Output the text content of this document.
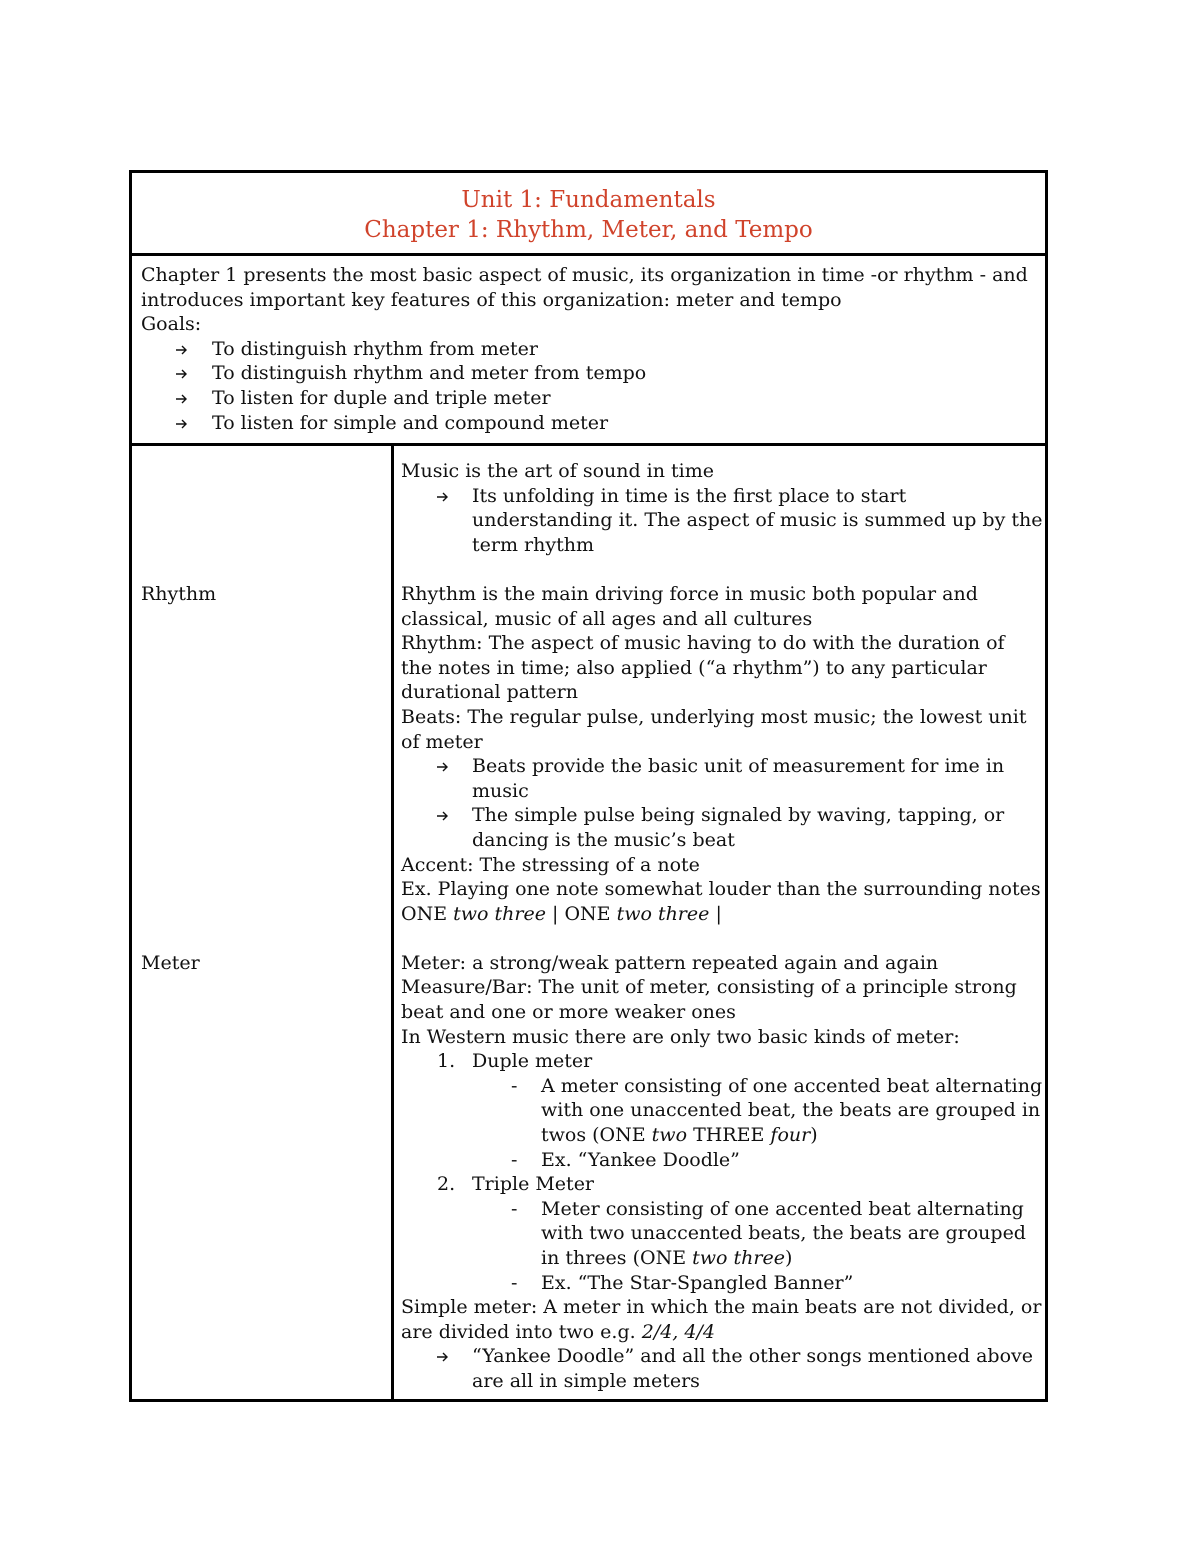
Unit 1: Fundamentals
Chapter 1: Rhythm, Meter, and Tempo
Chapter 1 presents the most basic aspect of music, its organization in time -or rhythm - and
introduces important key features of this organization: meter and tempo
Goals:
To distinguish rhythm from meter
To distinguish rhythm and meter from tempo
To listen for duple and triple meter
To listen for simple and compound meter
Rhythm
Meter
Music is the art of sound in time
Its unfolding in time is the first place to start
understanding it. The aspect of music is summed up by the
term rhythm
Rhythm is the main driving force in music both popular and
classical, music of all ages and all cultures
Rhythm: The aspect of music having to do with the duration of
the notes in time; also applied (“a rhythm”) to any particular
durational pattern
Beats: The regular pulse, underlying most music; the lowest unit
of meter
Beats provide the basic unit of measurement for ime in
music
The simple pulse being signaled by waving, tapping, or
dancing is the music’s beat
Accent: The stressing of a note
Ex. Playing one note somewhat louder than the surrounding notes
ONE two three | ONE two three |
Meter: a strong/weak pattern repeated again and again
Measure/Bar: The unit of meter, consisting of a principle strong
beat and one or more weaker ones
In Western music there are only two basic kinds of meter:
1. Duple meter
- A meter consisting of one accented beat alternating
with one unaccented beat, the beats are grouped in
twos (ONE two THREE four)
- Ex. “Yankee Doodle”
2. Triple Meter
- Meter consisting of one accented beat alternating
with two unaccented beats, the beats are grouped
in threes (ONE two three)
- Ex. “The Star-Spangled Banner”
Simple meter: A meter in which the main beats are not divided, or
are divided into two e.g. 2/4, 4/4
“Yankee Doodle” and all the other songs mentioned above
are all in simple meters
